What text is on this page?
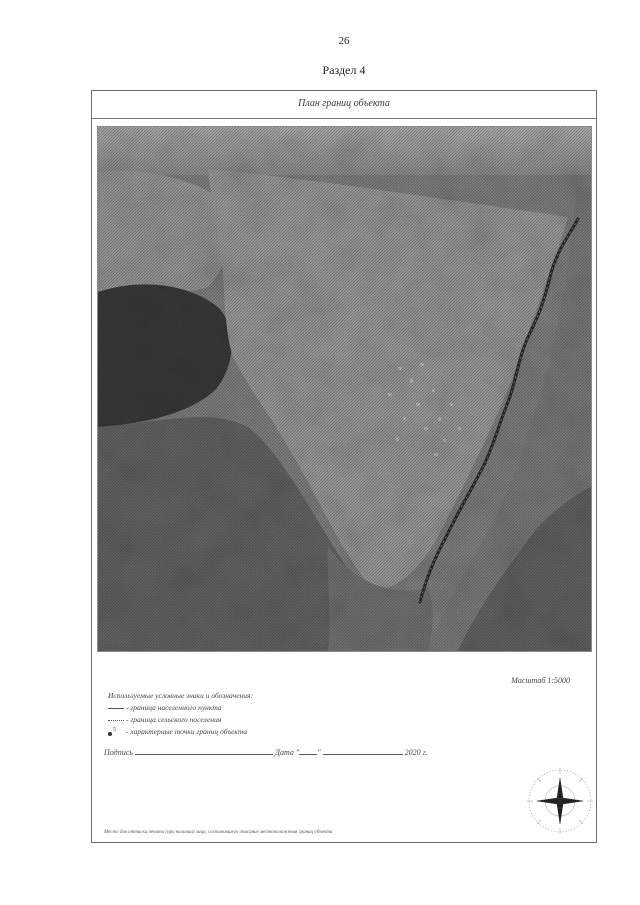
26
Раздел 4
План границ объекта
Масштаб 1:5000
Используемые условные знаки и обозначения:
- граница населенного пункта
- граница сельского поселения
5 - характерные точки границ объекта
Подпись	Дата " "	2020 г.
Место для оттиска печати (при наличии) лица, составившего описание местоположения границ объекта
